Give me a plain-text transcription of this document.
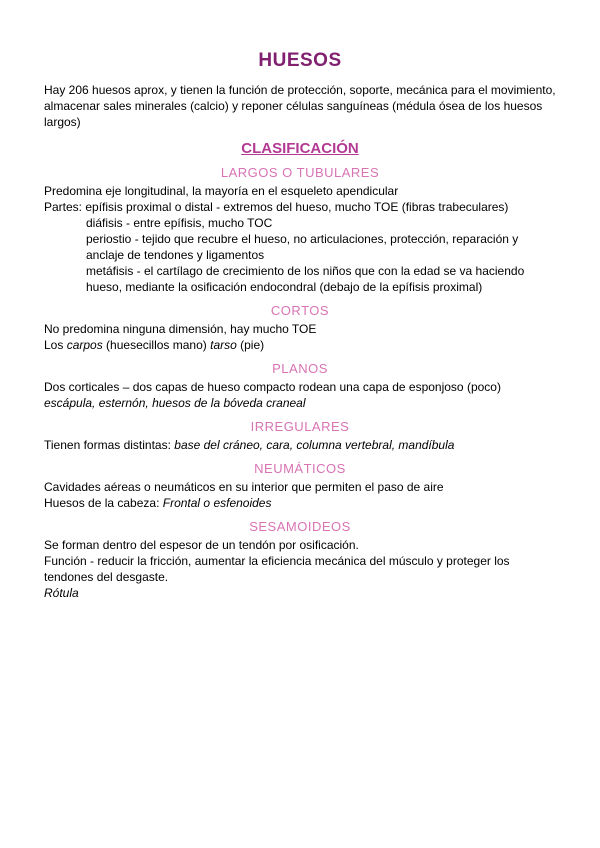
HUESOS

Hay 206 huesos aprox, y tienen la función de protección, soporte, mecánica para el movimiento, almacenar sales minerales (calcio) y reponer células sanguíneas (médula ósea de los huesos largos)

CLASIFICACIÓN
LARGOS O TUBULARES

Predomina eje longitudinal, la mayoría en el esqueleto apendicular

Partes: epífisis proximal o distal - extremos del hueso, mucho TOE (fibras trabeculares)

diáfisis - entre epífisis, mucho TOC

periostio - tejido que recubre el hueso, no articulaciones, protección, reparación y anclaje de tendones y ligamentos

metáfisis - el cartílago de crecimiento de los niños que con la edad se va haciendo hueso, mediante la osificación endocondral (debajo de la epífisis proximal)

CORTOS

No predomina ninguna dimensión, hay mucho TOE

Los carpos (huesecillos mano) tarso (pie)

PLANOS

Dos corticales – dos capas de hueso compacto rodean una capa de esponjoso (poco)

escápula, esternón, huesos de la bóveda craneal

IRREGULARES

Tienen formas distintas: base del cráneo, cara, columna vertebral, mandíbula

NEUMÁTICOS

Cavidades aéreas o neumáticos en su interior que permiten el paso de aire

Huesos de la cabeza: Frontal o esfenoides

SESAMOIDEOS

Se forman dentro del espesor de un tendón por osificación.

Función - reducir la fricción, aumentar la eficiencia mecánica del músculo y proteger los tendones del desgaste.

Rótula
